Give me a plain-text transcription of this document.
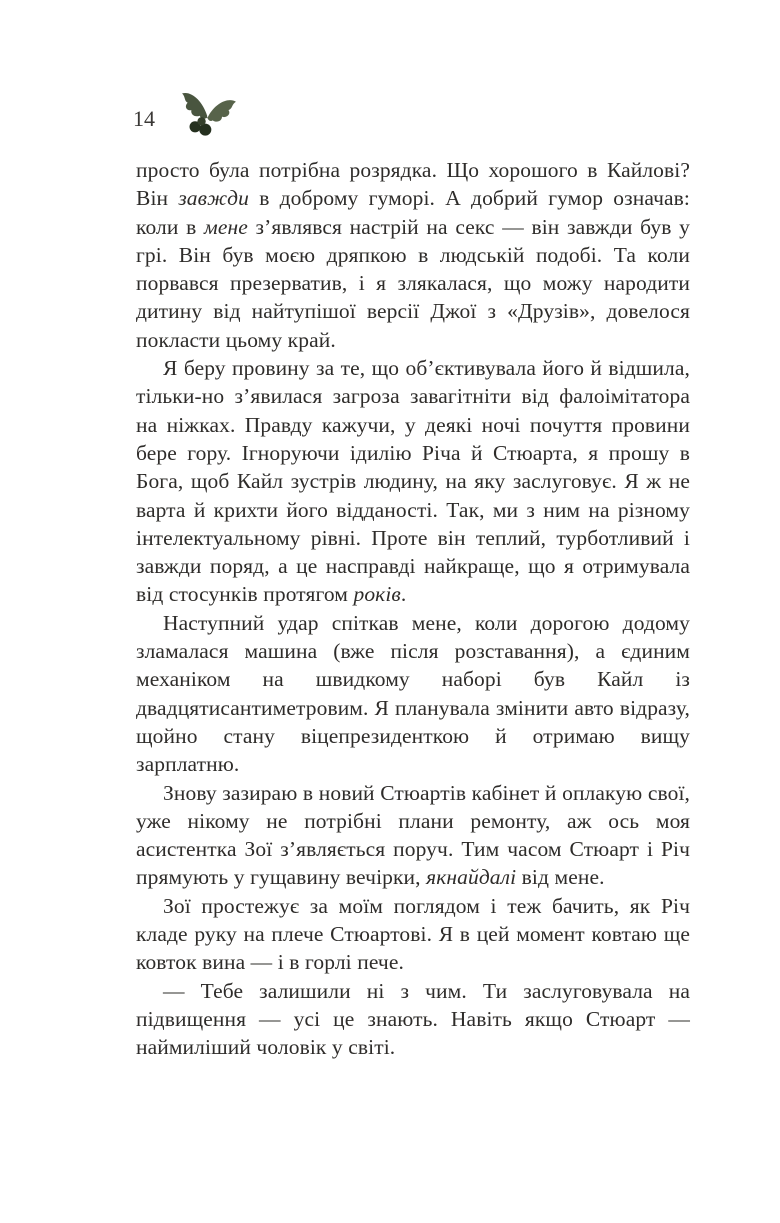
14

просто була потрібна розрядка. Що хорошого в Кайлові? Він завжди в доброму гуморі. А добрий гумор означав: коли в мене з’являвся настрій на секс — він завжди був у грі. Він був моєю дряпкою в людській подобі. Та коли порвався презерватив, і я злякалася, що можу народити дитину від найтупішої версії Джої з «Друзів», довелося покласти цьому край.

Я беру провину за те, що об’єктивувала його й відшила, тільки-но з’явилася загроза завагітніти від фалоімітатора на ніжках. Правду кажучи, у деякі ночі почуття провини бере гору. Ігноруючи ідилію Річа й Стюарта, я прошу в Бога, щоб Кайл зустрів людину, на яку заслуговує. Я ж не варта й крихти його відданості. Так, ми з ним на різному інтелектуальному рівні. Проте він теплий, турботливий і завжди поряд, а це насправді найкраще, що я отримувала від стосунків протягом років.

Наступний удар спіткав мене, коли дорогою додому зламалася машина (вже після розставання), а єдиним механіком на швидкому наборі був Кайл із двадцятисантиметровим. Я планувала змінити авто відразу, щойно стану віцепрезиденткою й отримаю вищу зарплатню.

Знову зазираю в новий Стюартів кабінет й оплакую свої, уже нікому не потрібні плани ремонту, аж ось моя асистентка Зої з’являється поруч. Тим часом Стюарт і Річ прямують у гущавину вечірки, якнайдалі від мене.

Зої простежує за моїм поглядом і теж бачить, як Річ кладе руку на плече Стюартові. Я в цей момент ковтаю ще ковток вина — і в горлі пече.

— Тебе залишили ні з чим. Ти заслуговувала на підвищення — усі це знають. Навіть якщо Стюарт — наймиліший чоловік у світі.
